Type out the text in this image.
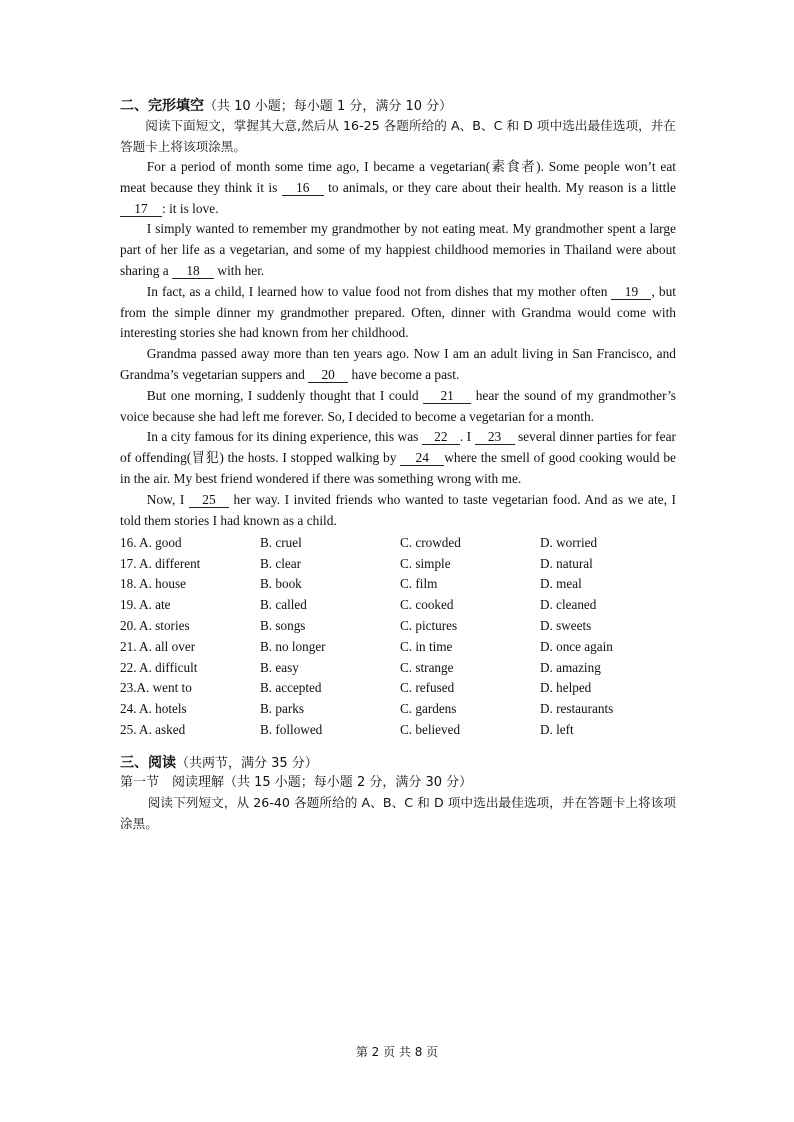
二、完形填空（共 10 小题；每小题 1 分，满分 10 分）

阅读下面短文，掌握其大意,然后从 16-25 各题所给的 A、B、C 和 D 项中选出最佳选项，并在答题卡上将该项涂黑。

For a period of month some time ago, I became a vegetarian(素食者). Some people won’t eat meat because they think it is 16 to animals, or they care about their health. My reason is a little 17 : it is love.

I simply wanted to remember my grandmother by not eating meat. My grandmother spent a large part of her life as a vegetarian, and some of my happiest childhood memories in Thailand were about sharing a 18 with her.

In fact, as a child, I learned how to value food not from dishes that my mother often 19 , but from the simple dinner my grandmother prepared. Often, dinner with Grandma would come with interesting stories she had known from her childhood.

Grandma passed away more than ten years ago. Now I am an adult living in San Francisco, and Grandma’s vegetarian suppers and 20 have become a past.

But one morning, I suddenly thought that I could 21 hear the sound of my grandmother’s voice because she had left me forever. So, I decided to become a vegetarian for a month.

In a city famous for its dining experience, this was 22 . I 23 several dinner parties for fear of offending(冒犯) the hosts. I stopped walking by 24 where the smell of good cooking would be in the air. My best friend wondered if there was something wrong with me.

Now, I 25 her way. I invited friends who wanted to taste vegetarian food. And as we ate, I told them stories I had known as a child.

16. A. good	B. cruel	C. crowded	D. worried
17. A. different	B. clear	C. simple	D. natural
18. A. house	B. book	C. film	D. meal
19. A. ate	B. called	C. cooked	D. cleaned
20. A. stories	B. songs	C. pictures	D. sweets
21. A. all over	B. no longer	C. in time	D. once again
22. A. difficult	B. easy	C. strange	D. amazing
23.A. went to	B. accepted	C. refused	D. helped
24. A. hotels	B. parks	C. gardens	D. restaurants
25. A. asked	B. followed	C. believed	D. left
三、阅读（共两节，满分 35 分）
第一节　阅读理解（共 15 小题；每小题 2 分，满分 30 分）

阅读下列短文，从 26-40 各题所给的 A、B、C 和 D 项中选出最佳选项，并在答题卡上将该项涂黑。

第 2 页 共 8 页
